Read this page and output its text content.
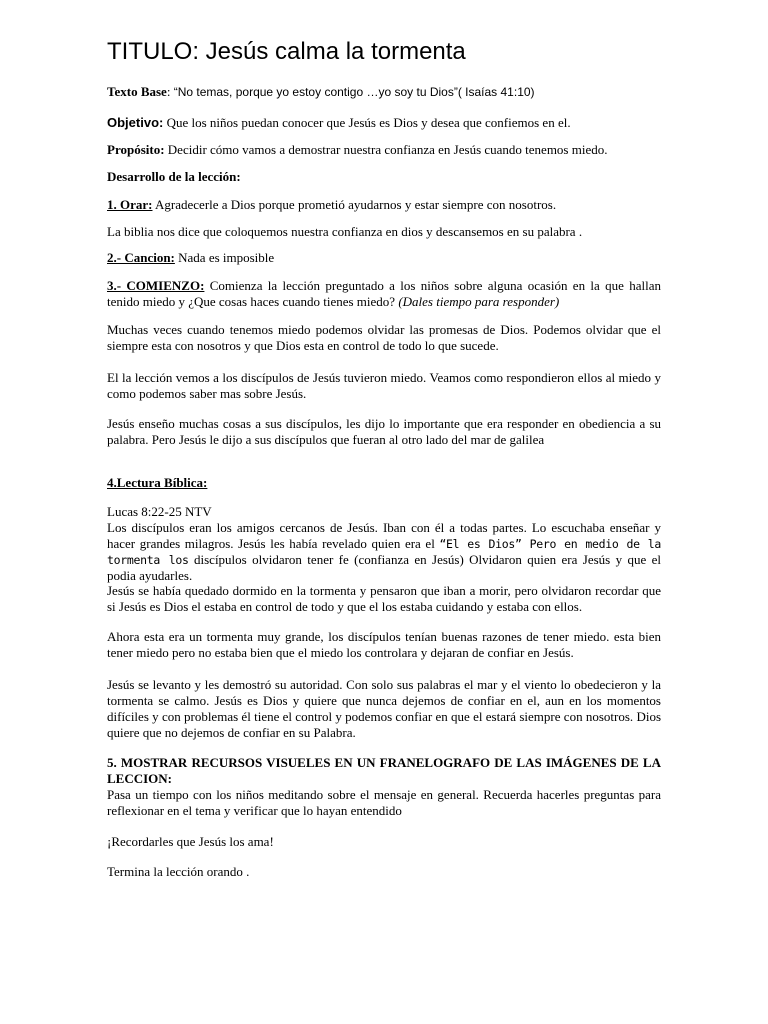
TITULO: Jesús calma la tormenta

Texto Base: “No temas, porque yo estoy contigo …yo soy tu Dios”( Isaías 41:10)

Objetivo: Que los niños puedan conocer que Jesús es Dios y desea que confiemos en el.

Propósito: Decidir cómo vamos a demostrar nuestra confianza en Jesús cuando tenemos miedo.

Desarrollo de la lección:

1. Orar: Agradecerle a Dios porque prometió ayudarnos y estar siempre con nosotros.

La biblia nos dice que coloquemos nuestra confianza en dios y descansemos en su palabra .

2.- Cancion: Nada es imposible

3.- COMIENZO: Comienza la lección preguntado a los niños sobre alguna ocasión en la que hallan tenido miedo y ¿Que cosas haces cuando tienes miedo? (Dales tiempo para responder)

Muchas veces cuando tenemos miedo podemos olvidar las promesas de Dios. Podemos olvidar que el siempre esta con nosotros y que Dios esta en control de todo lo que sucede.

El la lección vemos a los discípulos de Jesús tuvieron miedo. Veamos como respondieron ellos al miedo y como podemos saber mas sobre Jesús.

Jesús enseño muchas cosas a sus discípulos, les dijo lo importante que era responder en obediencia a su palabra. Pero Jesús le dijo a sus discípulos que fueran al otro lado del mar de galilea

4.Lectura Bíblica:

Lucas 8:22-25 NTV

Los discípulos eran los amigos cercanos de Jesús. Iban con él a todas partes. Lo escuchaba enseñar y hacer grandes milagros. Jesús les había revelado quien era el “El es Dios” Pero en medio de la tormenta los discípulos olvidaron tener fe (confianza en Jesús) Olvidaron quien era Jesús y que el podia ayudarles.

Jesús se había quedado dormido en la tormenta y pensaron que iban a morir, pero olvidaron recordar que si Jesús es Dios el estaba en control de todo y que el los estaba cuidando y estaba con ellos.

Ahora esta era un tormenta muy grande, los discípulos tenían buenas razones de tener miedo. esta bien tener miedo pero no estaba bien que el miedo los controlara y dejaran de confiar en Jesús.

Jesús se levanto y les demostró su autoridad. Con solo sus palabras el mar y el viento lo obedecieron y la tormenta se calmo. Jesús es Dios y quiere que nunca dejemos de confiar en el, aun en los momentos difíciles y con problemas él tiene el control y podemos confiar en que el estará siempre con nosotros. Dios quiere que no dejemos de confiar en su Palabra.

5. MOSTRAR RECURSOS VISUELES EN UN FRANELOGRAFO DE LAS IMÁGENES DE LA LECCION:

Pasa un tiempo con los niños meditando sobre el mensaje en general. Recuerda hacerles preguntas para reflexionar en el tema y verificar que lo hayan entendido

¡Recordarles que Jesús los ama!

Termina la lección orando .
